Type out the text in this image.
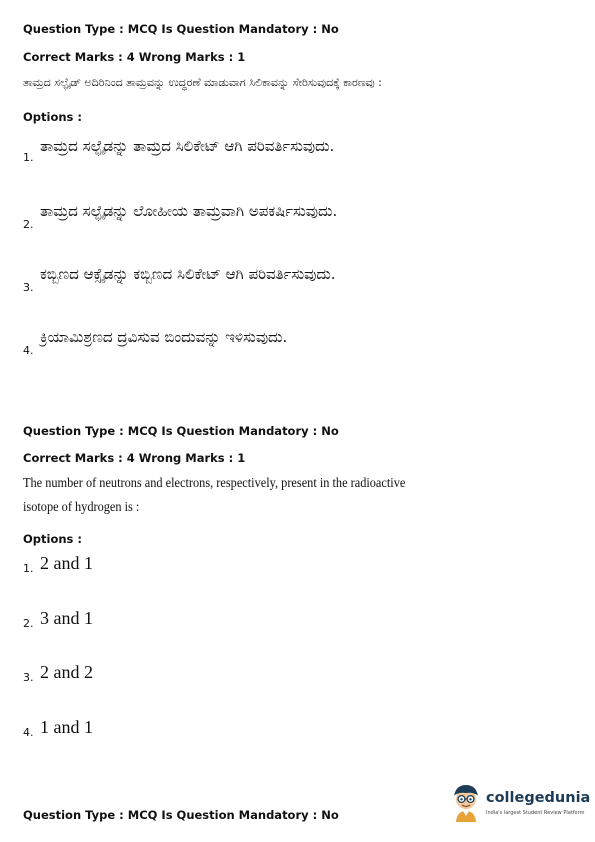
Question Type : MCQ Is Question Mandatory : No
Correct Marks : 4 Wrong Marks : 1
ತಾಮ್ರದ ಸಲ್ಫೈಡ್ ಅದಿರಿನಿಂದ ತಾಮ್ರವನ್ನು ಉದ್ಧರಣೆ ಮಾಡುವಾಗ ಸಿಲಿಕಾವನ್ನು ಸೇರಿಸುವುದಕ್ಕೆ ಕಾರಣವು :
Options :
ತಾಮ್ರದ ಸಲ್ಫೈಡನ್ನು ತಾಮ್ರದ ಸಿಲಿಕೇಟ್ ಆಗಿ ಪರಿವರ್ತಿಸುವುದು.
1.
ತಾಮ್ರದ ಸಲ್ಫೈಡನ್ನು ಲೋಹೀಯ ತಾಮ್ರವಾಗಿ ಅಪಕರ್ಷಿಸುವುದು.
2.
ಕಬ್ಬಿಣದ ಆಕ್ಸೈಡನ್ನು ಕಬ್ಬಿಣದ ಸಿಲಿಕೇಟ್ ಆಗಿ ಪರಿವರ್ತಿಸುವುದು.
3.
ಕ್ರಿಯಾಮಿಶ್ರಣದ ದ್ರವಿಸುವ ಬಿಂದುವನ್ನು ಇಳಿಸುವುದು.
4.
Question Type : MCQ Is Question Mandatory : No
Correct Marks : 4 Wrong Marks : 1
The number of neutrons and electrons, respectively, present in the radioactive isotope of hydrogen is :
Options :
1. 2 and 1
2. 3 and 1
3. 2 and 2
4. 1 and 1
Question Type : MCQ Is Question Mandatory : No
collegedunia
India's largest Student Review Platform
